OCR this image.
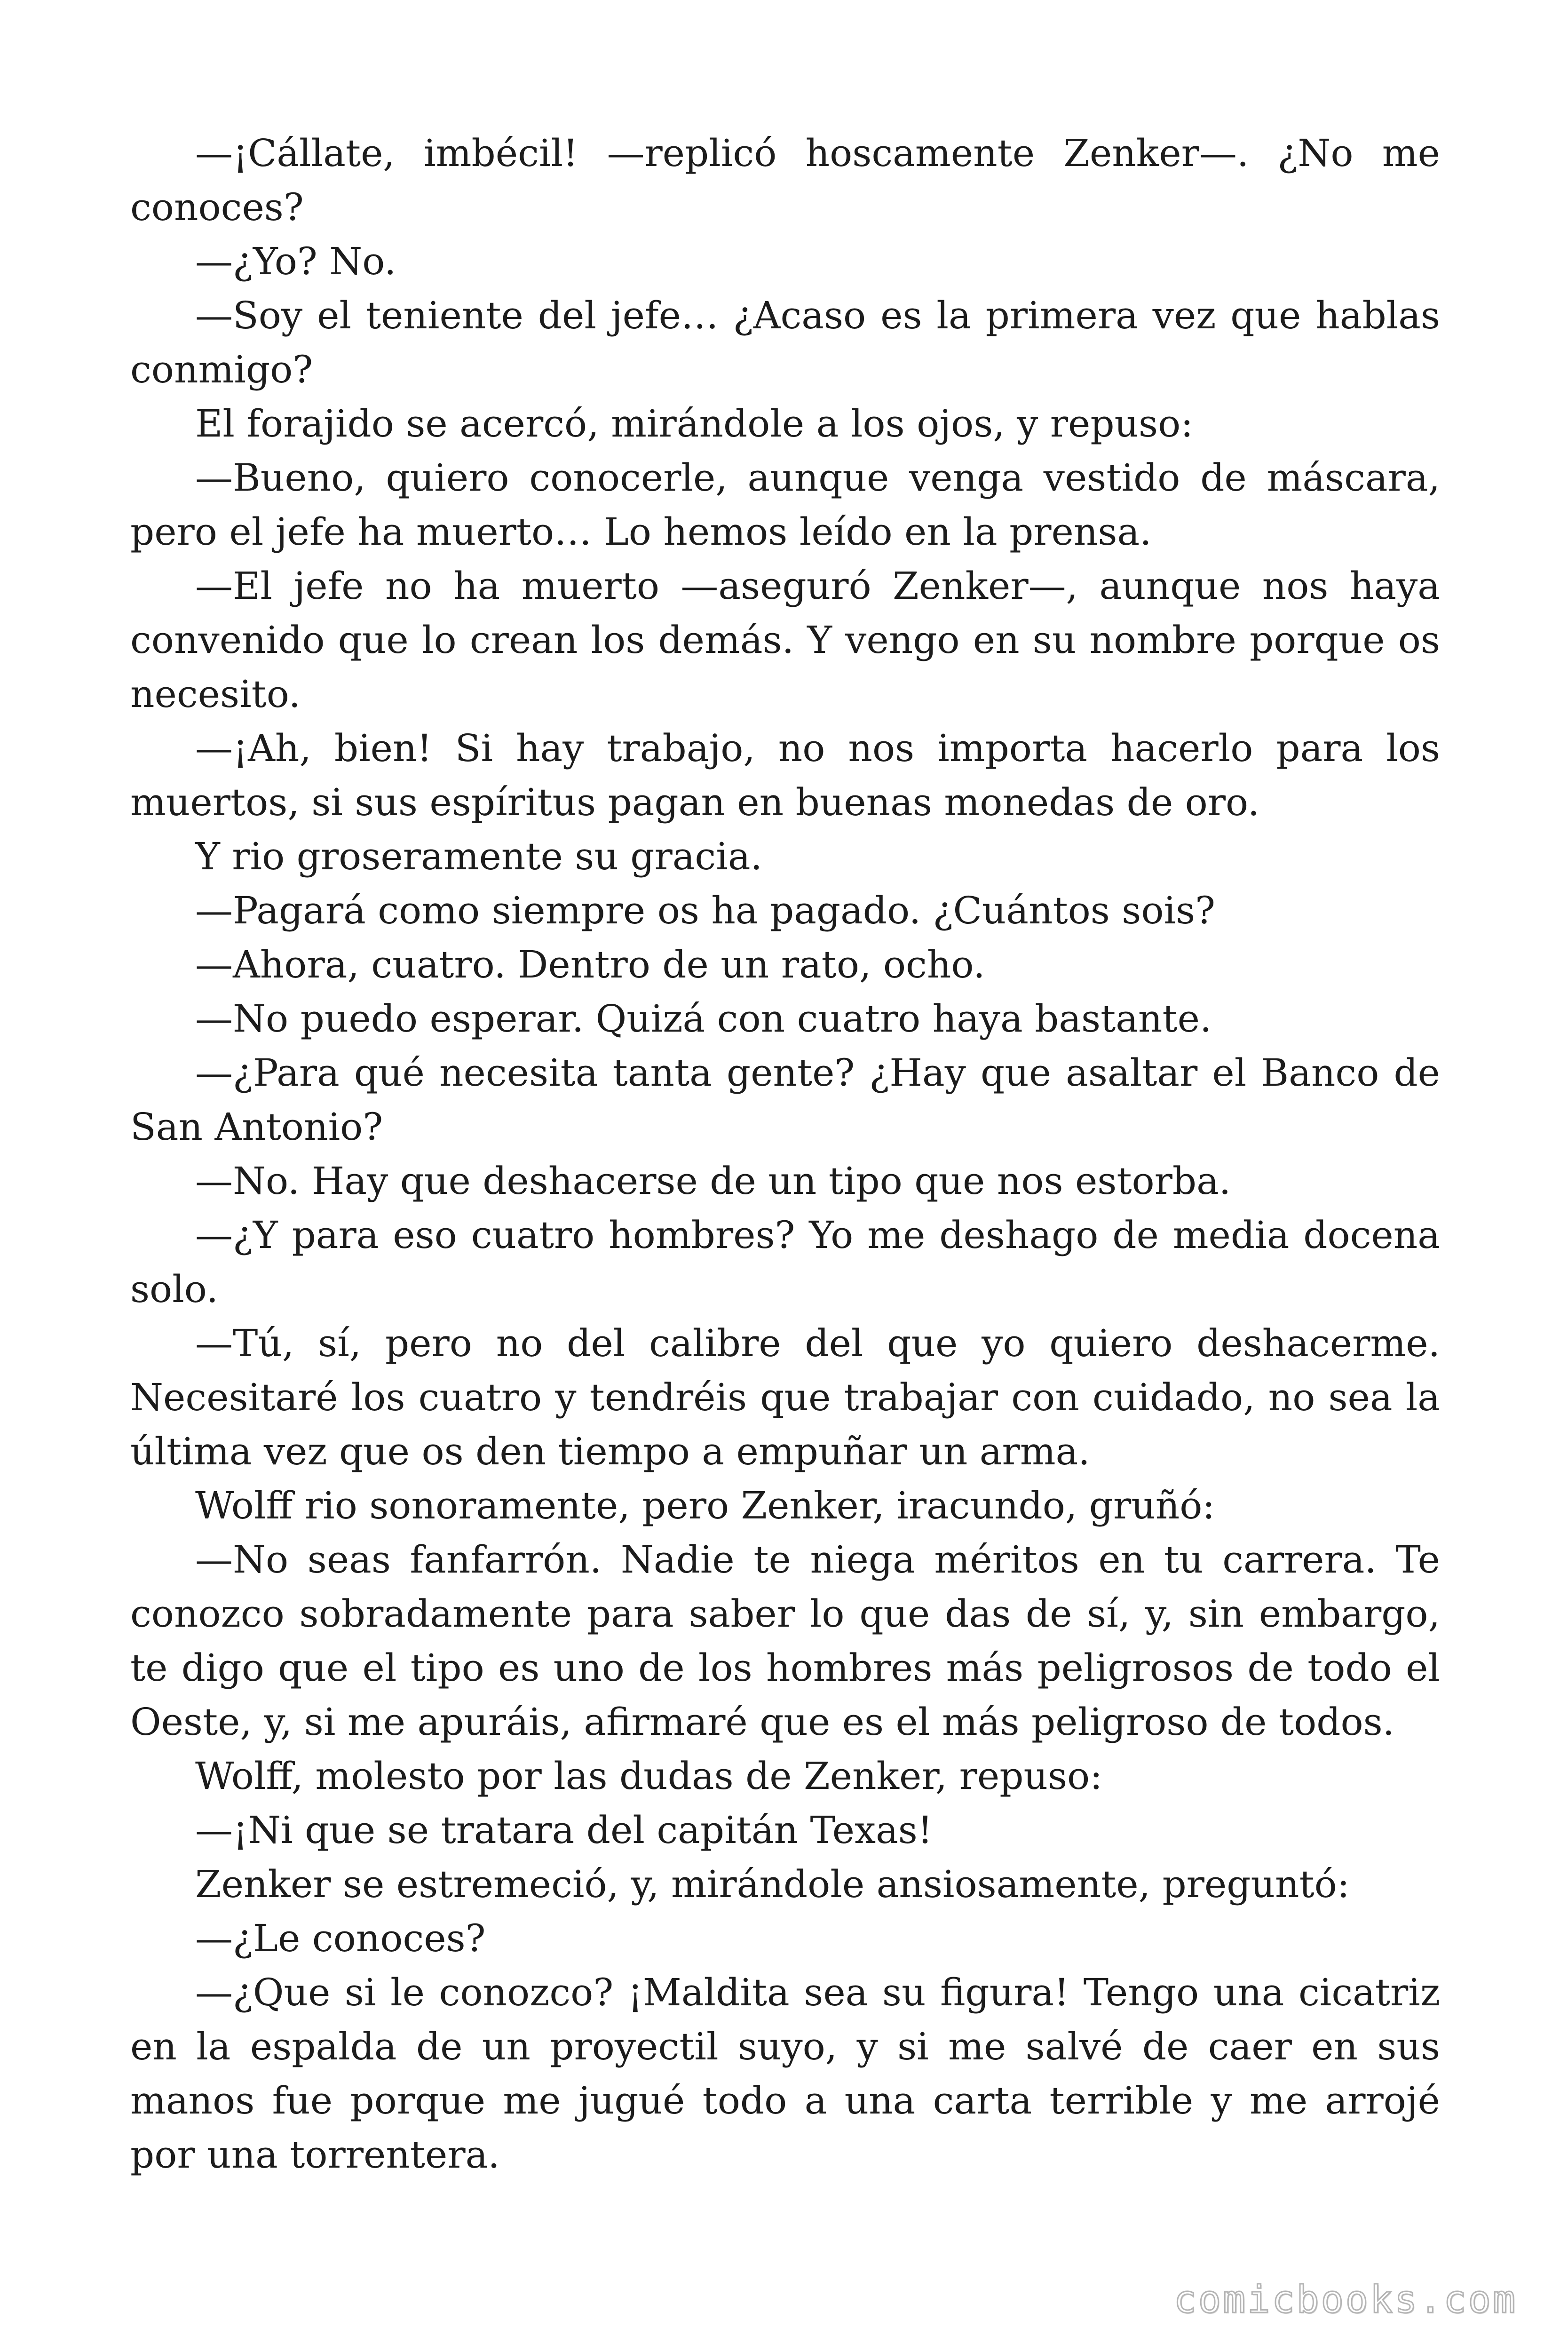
—¡Cállate, imbécil! —replicó hoscamente Zenker—. ¿No me conoces?

—¿Yo? No.

—Soy el teniente del jefe… ¿Acaso es la primera vez que hablas conmigo?

El forajido se acercó, mirándole a los ojos, y repuso:

—Bueno, quiero conocerle, aunque venga vestido de máscara, pero el jefe ha muerto… Lo hemos leído en la prensa.

—El jefe no ha muerto —aseguró Zenker—, aunque nos haya convenido que lo crean los demás. Y vengo en su nombre porque os necesito.

—¡Ah, bien! Si hay trabajo, no nos importa hacerlo para los muertos, si sus espíritus pagan en buenas monedas de oro.

Y rio groseramente su gracia.

—Pagará como siempre os ha pagado. ¿Cuántos sois?

—Ahora, cuatro. Dentro de un rato, ocho.

—No puedo esperar. Quizá con cuatro haya bastante.

—¿Para qué necesita tanta gente? ¿Hay que asaltar el Banco de San Antonio?

—No. Hay que deshacerse de un tipo que nos estorba.

—¿Y para eso cuatro hombres? Yo me deshago de media docena solo.

—Tú, sí, pero no del calibre del que yo quiero deshacerme. Necesitaré los cuatro y tendréis que trabajar con cuidado, no sea la última vez que os den tiempo a empuñar un arma.

Wolff rio sonoramente, pero Zenker, iracundo, gruñó:

—No seas fanfarrón. Nadie te niega méritos en tu carrera. Te conozco sobradamente para saber lo que das de sí, y, sin embargo, te digo que el tipo es uno de los hombres más peligrosos de todo el Oeste, y, si me apuráis, afirmaré que es el más peligroso de todos.

Wolff, molesto por las dudas de Zenker, repuso:

—¡Ni que se tratara del capitán Texas!

Zenker se estremeció, y, mirándole ansiosamente, preguntó:

—¿Le conoces?

—¿Que si le conozco? ¡Maldita sea su figura! Tengo una cicatriz en la espalda de un proyectil suyo, y si me salvé de caer en sus manos fue porque me jugué todo a una carta terrible y me arrojé por una torrentera.

comicbooks.com
